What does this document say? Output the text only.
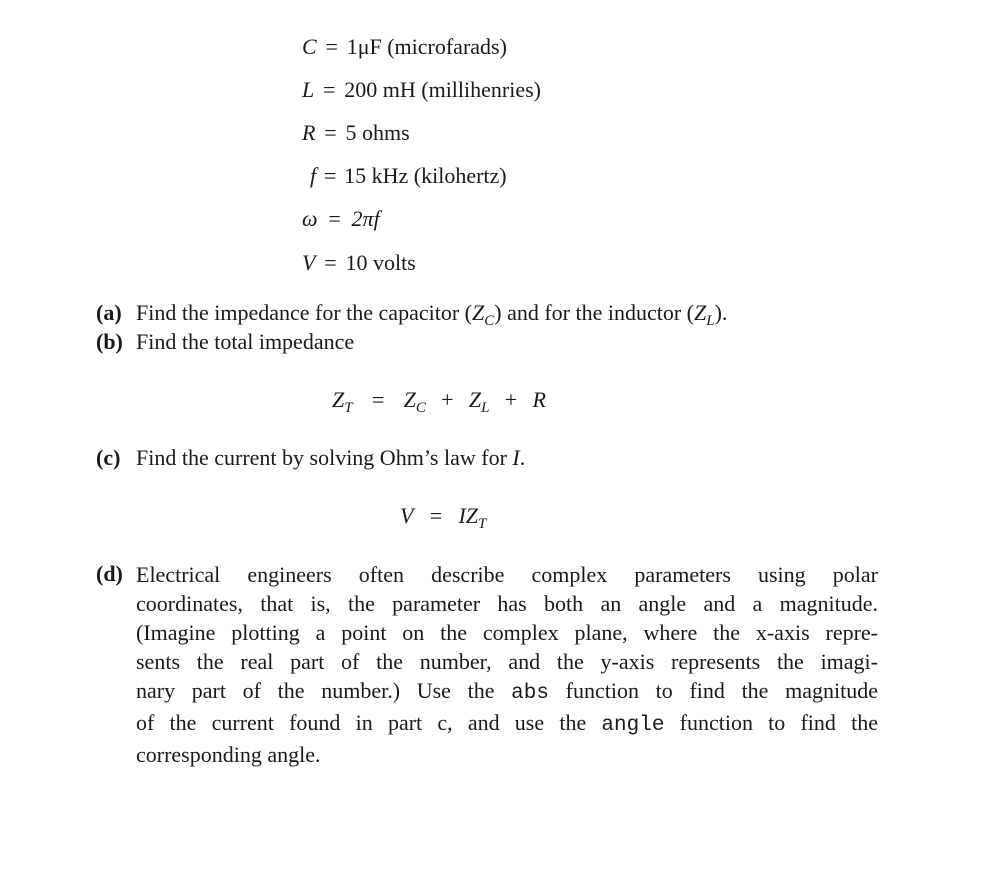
C = 1μF (microfarads)
L = 200 mH (millihenries)
R = 5 ohms
f = 15 kHz (kilohertz)
ω = 2πf
V = 10 volts
(a) Find the impedance for the capacitor $(Z_C)$ and for the inductor $(Z_L)$.
(b) Find the total impedance
$Z_T = Z_C + Z_L + R$
(c) Find the current by solving Ohm’s law for I.
$V = IZ_T$
(d) Electrical engineers often describe complex parameters using polar
coordinates, that is, the parameter has both an angle and a magnitude.
(Imagine plotting a point on the complex plane, where the x-axis repre-
sents the real part of the number, and the y-axis represents the imagi-
nary part of the number.) Use the abs function to find the magnitude
of the current found in part c, and use the angle function to find the
corresponding angle.
